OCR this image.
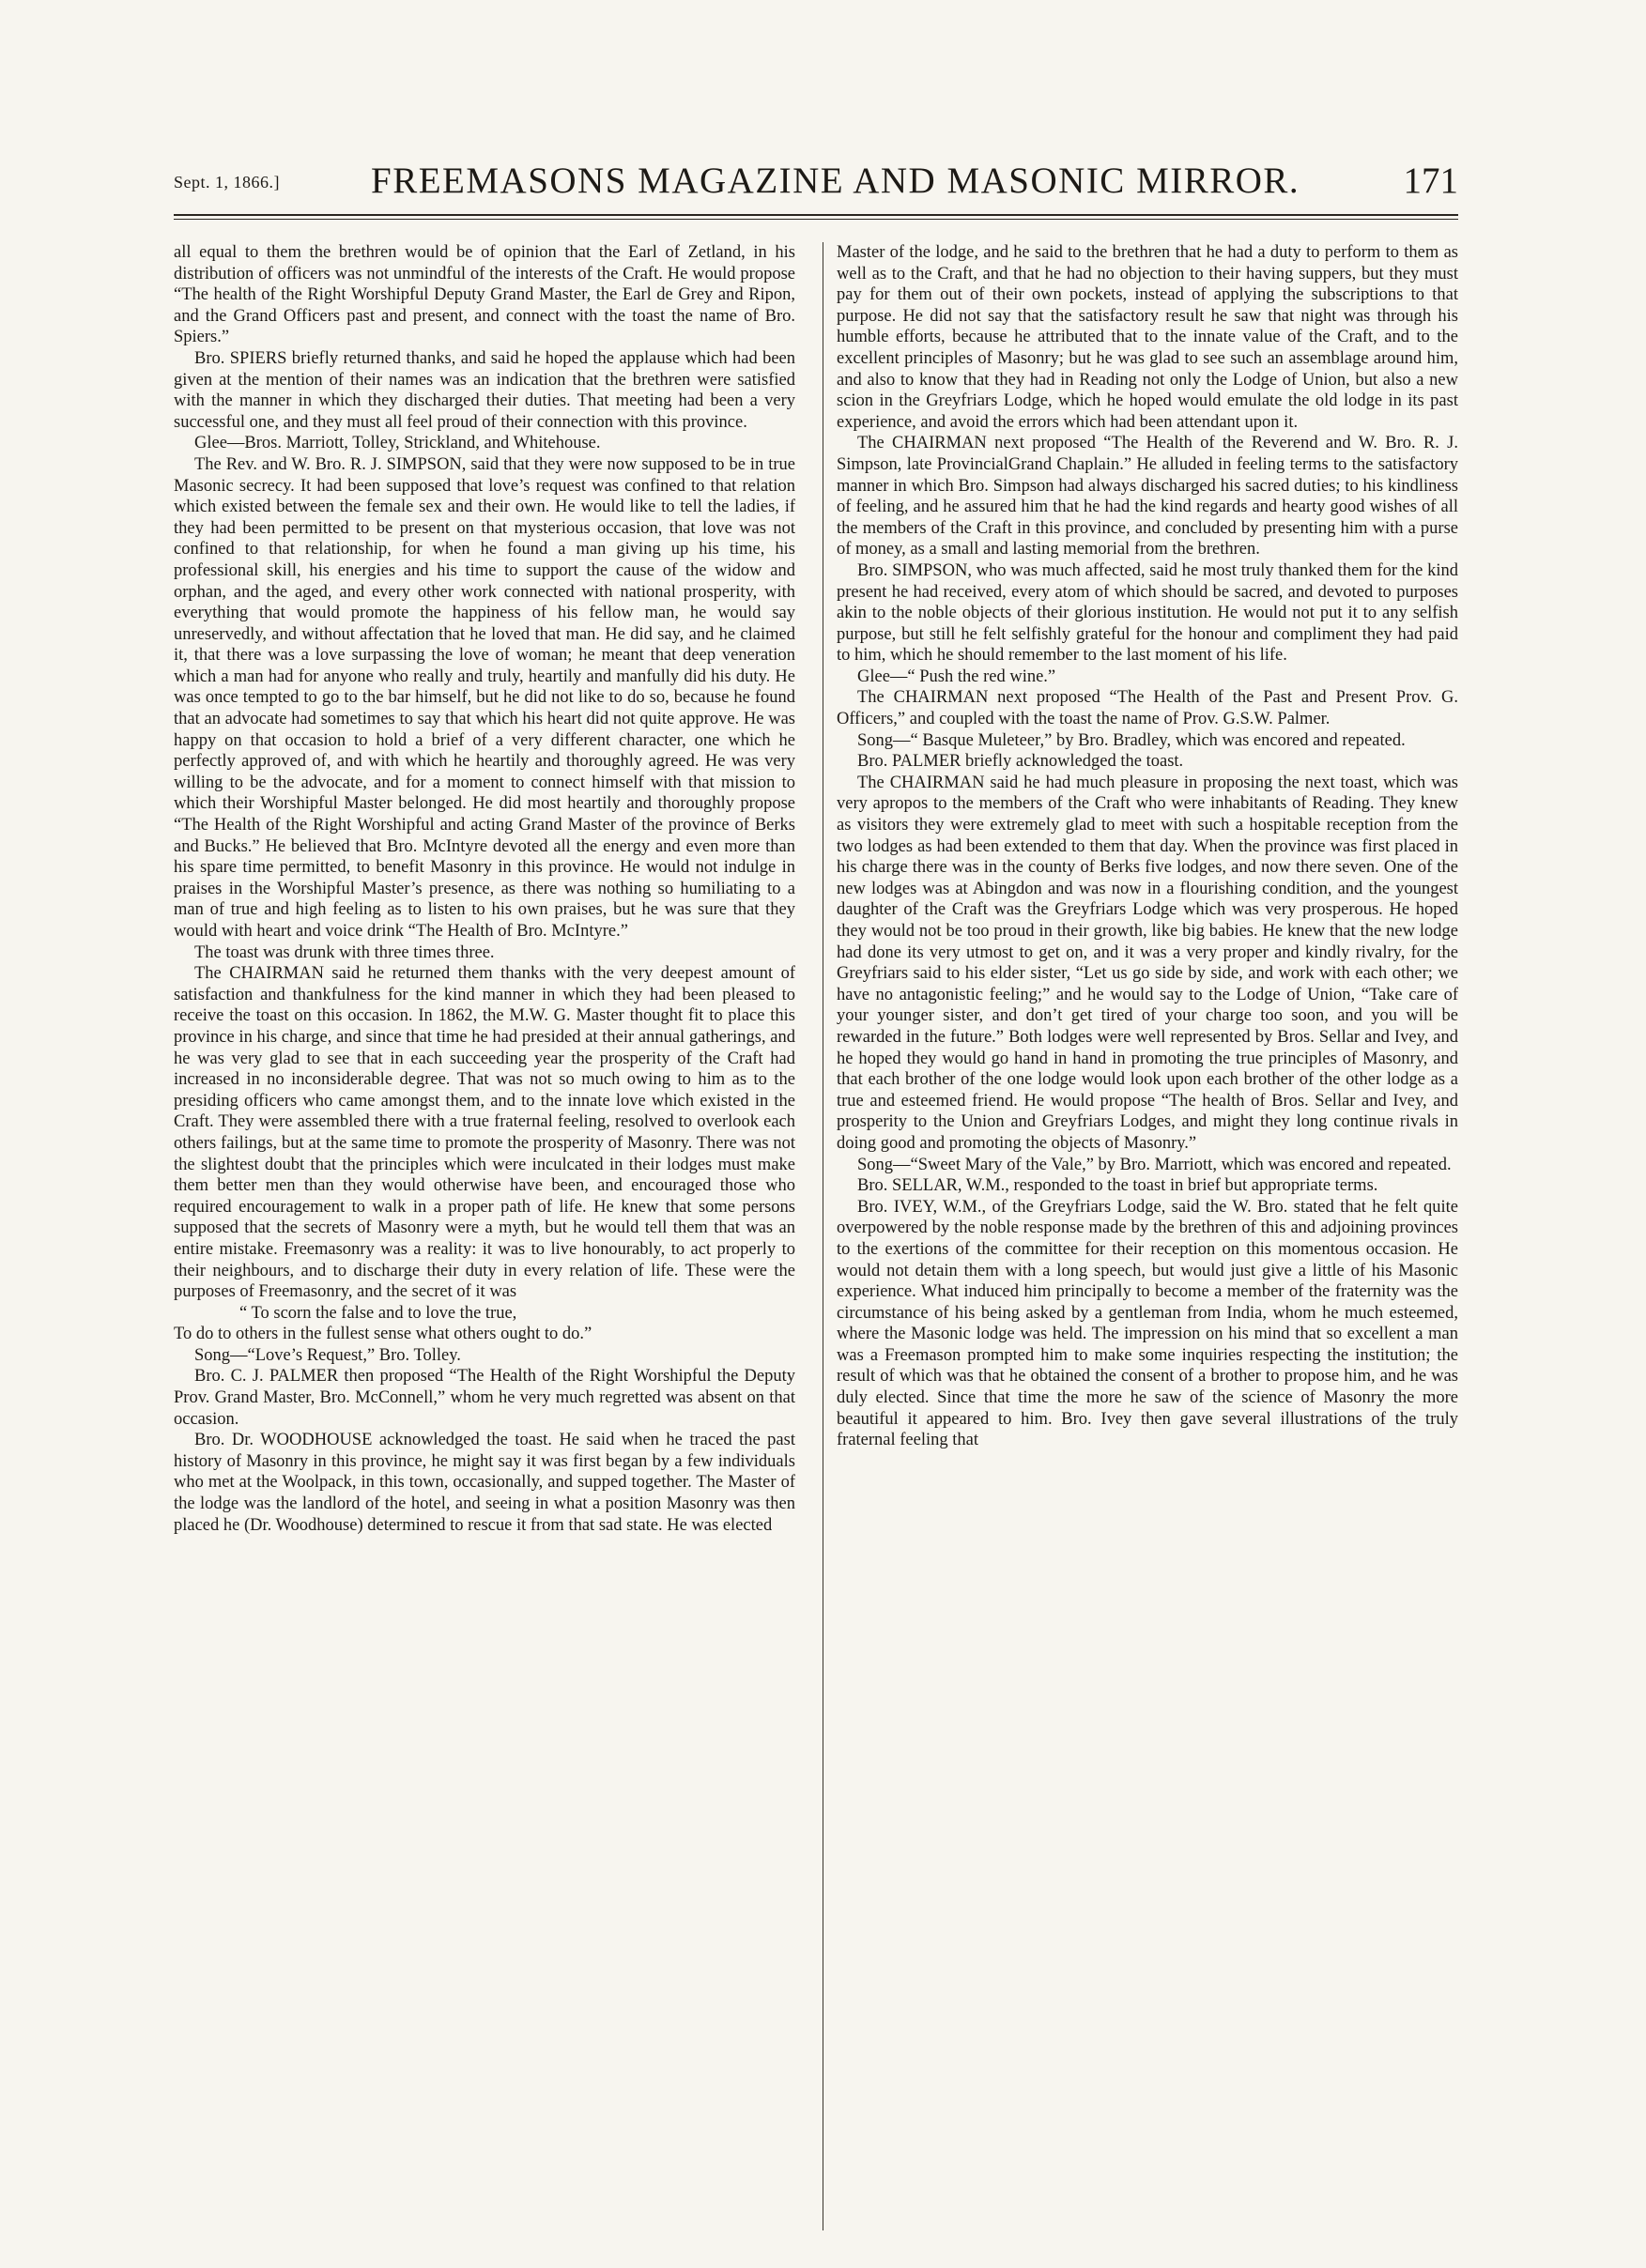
Sept. 1, 1866.] FREEMASONS MAGAZINE AND MASONIC MIRROR.	171

all equal to them the brethren would be of opinion that the Earl of Zetland, in his distribution of officers was not unmindful of the interests of the Craft. He would propose “The health of the Right Worshipful Deputy Grand Master, the Earl de Grey and Ripon, and the Grand Officers past and present, and connect with the toast the name of Bro. Spiers.”

Bro. SPIERS briefly returned thanks, and said he hoped the applause which had been given at the mention of their names was an indication that the brethren were satisfied with the manner in which they discharged their duties. That meeting had been a very successful one, and they must all feel proud of their connection with this province.

Glee—Bros. Marriott, Tolley, Strickland, and Whitehouse.

The Rev. and W. Bro. R. J. SIMPSON, said that they were now supposed to be in true Masonic secrecy. It had been supposed that love’s request was confined to that relation which existed between the female sex and their own. He would like to tell the ladies, if they had been permitted to be present on that mysterious occasion, that love was not confined to that relationship, for when he found a man giving up his time, his professional skill, his energies and his time to support the cause of the widow and orphan, and the aged, and every other work connected with national prosperity, with everything that would promote the happiness of his fellow man, he would say unreservedly, and without affectation that he loved that man. He did say, and he claimed it, that there was a love surpassing the love of woman; he meant that deep veneration which a man had for anyone who really and truly, heartily and manfully did his duty. He was once tempted to go to the bar himself, but he did not like to do so, because he found that an advocate had sometimes to say that which his heart did not quite approve. He was happy on that occasion to hold a brief of a very different character, one which he perfectly approved of, and with which he heartily and thoroughly agreed. He was very willing to be the advocate, and for a moment to connect himself with that mission to which their Worshipful Master belonged. He did most heartily and thoroughly propose “The Health of the Right Worshipful and acting Grand Master of the province of Berks and Bucks.” He believed that Bro. McIntyre devoted all the energy and even more than his spare time permitted, to benefit Masonry in this province. He would not indulge in praises in the Worshipful Master’s presence, as there was nothing so humiliating to a man of true and high feeling as to listen to his own praises, but he was sure that they would with heart and voice drink “The Health of Bro. McIntyre.”

The toast was drunk with three times three.

The CHAIRMAN said he returned them thanks with the very deepest amount of satisfaction and thankfulness for the kind manner in which they had been pleased to receive the toast on this occasion. In 1862, the M.W. G. Master thought fit to place this province in his charge, and since that time he had presided at their annual gatherings, and he was very glad to see that in each succeeding year the prosperity of the Craft had increased in no inconsiderable degree. That was not so much owing to him as to the presiding officers who came amongst them, and to the innate love which existed in the Craft. They were assembled there with a true fraternal feeling, resolved to overlook each others failings, but at the same time to promote the prosperity of Masonry. There was not the slightest doubt that the principles which were inculcated in their lodges must make them better men than they would otherwise have been, and encouraged those who required encouragement to walk in a proper path of life. He knew that some persons supposed that the secrets of Masonry were a myth, but he would tell them that was an entire mistake. Freemasonry was a reality: it was to live honourably, to act properly to their neighbours, and to discharge their duty in every relation of life. These were the purposes of Freemasonry, and the secret of it was

“ To scorn the false and to love the true,

To do to others in the fullest sense what others ought to do.”

Song—“Love’s Request,” Bro. Tolley.

Bro. C. J. PALMER then proposed “The Health of the Right Worshipful the Deputy Prov. Grand Master, Bro. McConnell,” whom he very much regretted was absent on that occasion.

Bro. Dr. WOODHOUSE acknowledged the toast. He said when he traced the past history of Masonry in this province, he might say it was first began by a few individuals who met at the Woolpack, in this town, occasionally, and supped together. The Master of the lodge was the landlord of the hotel, and seeing in what a position Masonry was then placed he (Dr. Woodhouse) determined to rescue it from that sad state. He was elected

Master of the lodge, and he said to the brethren that he had a duty to perform to them as well as to the Craft, and that he had no objection to their having suppers, but they must pay for them out of their own pockets, instead of applying the subscriptions to that purpose. He did not say that the satisfactory result he saw that night was through his humble efforts, because he attributed that to the innate value of the Craft, and to the excellent principles of Masonry; but he was glad to see such an assemblage around him, and also to know that they had in Reading not only the Lodge of Union, but also a new scion in the Greyfriars Lodge, which he hoped would emulate the old lodge in its past experience, and avoid the errors which had been attendant upon it.

The CHAIRMAN next proposed “The Health of the Reverend and W. Bro. R. J. Simpson, late ProvincialGrand Chaplain.” He alluded in feeling terms to the satisfactory manner in which Bro. Simpson had always discharged his sacred duties; to his kindliness of feeling, and he assured him that he had the kind regards and hearty good wishes of all the members of the Craft in this province, and concluded by presenting him with a purse of money, as a small and lasting memorial from the brethren.

Bro. SIMPSON, who was much affected, said he most truly thanked them for the kind present he had received, every atom of which should be sacred, and devoted to purposes akin to the noble objects of their glorious institution. He would not put it to any selfish purpose, but still he felt selfishly grateful for the honour and compliment they had paid to him, which he should remember to the last moment of his life.

Glee—“ Push the red wine.”

The CHAIRMAN next proposed “The Health of the Past and Present Prov. G. Officers,” and coupled with the toast the name of Prov. G.S.W. Palmer.

Song—“ Basque Muleteer,” by Bro. Bradley, which was encored and repeated.

Bro. PALMER briefly acknowledged the toast.

The CHAIRMAN said he had much pleasure in proposing the next toast, which was very apropos to the members of the Craft who were inhabitants of Reading. They knew as visitors they were extremely glad to meet with such a hospitable reception from the two lodges as had been extended to them that day. When the province was first placed in his charge there was in the county of Berks five lodges, and now there seven. One of the new lodges was at Abingdon and was now in a flourishing condition, and the youngest daughter of the Craft was the Greyfriars Lodge which was very prosperous. He hoped they would not be too proud in their growth, like big babies. He knew that the new lodge had done its very utmost to get on, and it was a very proper and kindly rivalry, for the Greyfriars said to his elder sister, “Let us go side by side, and work with each other; we have no antagonistic feeling;” and he would say to the Lodge of Union, “Take care of your younger sister, and don’t get tired of your charge too soon, and you will be rewarded in the future.” Both lodges were well represented by Bros. Sellar and Ivey, and he hoped they would go hand in hand in promoting the true principles of Masonry, and that each brother of the one lodge would look upon each brother of the other lodge as a true and esteemed friend. He would propose “The health of Bros. Sellar and Ivey, and prosperity to the Union and Greyfriars Lodges, and might they long continue rivals in doing good and promoting the objects of Masonry.”

Song—“Sweet Mary of the Vale,” by Bro. Marriott, which was encored and repeated.

Bro. SELLAR, W.M., responded to the toast in brief but appropriate terms.

Bro. IVEY, W.M., of the Greyfriars Lodge, said the W. Bro. stated that he felt quite overpowered by the noble response made by the brethren of this and adjoining provinces to the exertions of the committee for their reception on this momentous occasion. He would not detain them with a long speech, but would just give a little of his Masonic experience. What induced him principally to become a member of the fraternity was the circumstance of his being asked by a gentleman from India, whom he much esteemed, where the Masonic lodge was held. The impression on his mind that so excellent a man was a Freemason prompted him to make some inquiries respecting the institution; the result of which was that he obtained the consent of a brother to propose him, and he was duly elected. Since that time the more he saw of the science of Masonry the more beautiful it appeared to him. Bro. Ivey then gave several illustrations of the truly fraternal feeling that
